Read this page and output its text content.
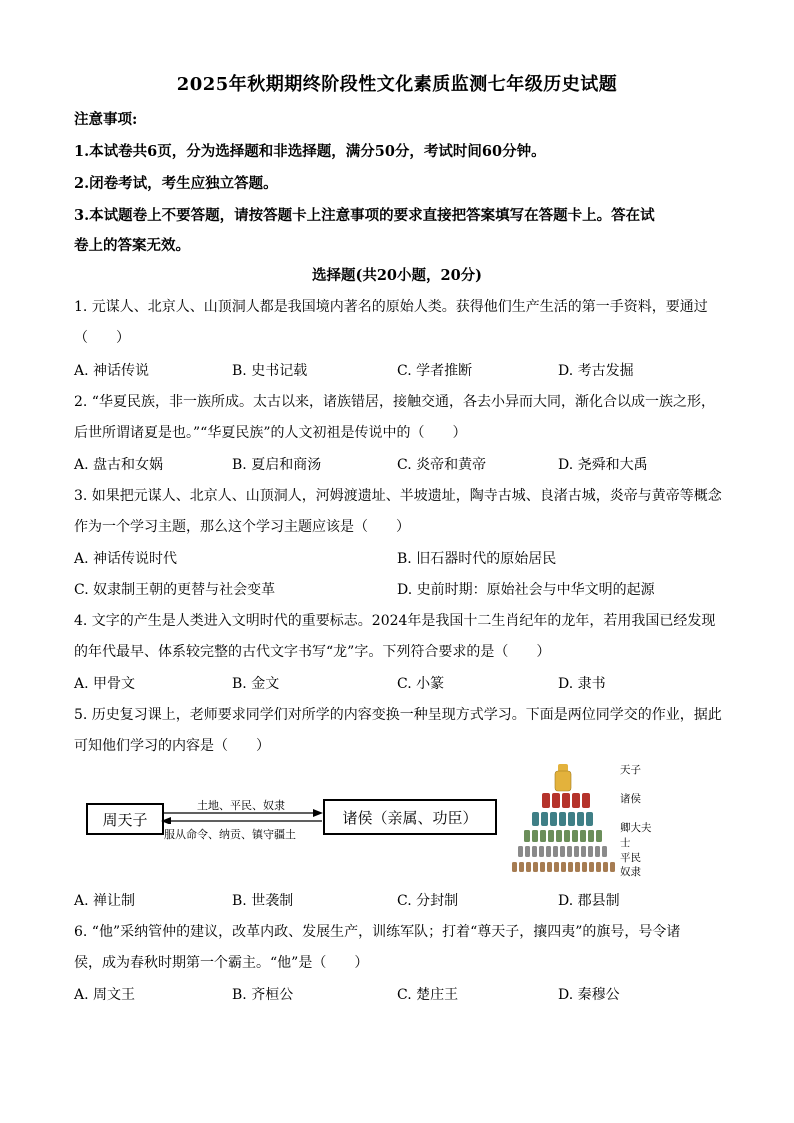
2025年秋期期终阶段性文化素质监测七年级历史试题
注意事项:
1.本试卷共6页，分为选择题和非选择题，满分50分，考试时间60分钟。
2.闭卷考试，考生应独立答题。
3.本试题卷上不要答题，请按答题卡上注意事项的要求直接把答案填写在答题卡上。答在试
卷上的答案无效。
选择题(共20小题，20分)
1. 元谋人、北京人、山顶洞人都是我国境内著名的原始人类。获得他们生产生活的第一手资料，要通过
（　　）
A. 神话传说	B. 史书记载	C. 学者推断	D. 考古发掘
2. “华夏民族，非一族所成。太古以来，诸族错居，接触交通，各去小异而大同，渐化合以成一族之形，
后世所谓诸夏是也。”“华夏民族”的人文初祖是传说中的（　　）
A. 盘古和女娲	B. 夏启和商汤	C. 炎帝和黄帝	D. 尧舜和大禹
3. 如果把元谋人、北京人、山顶洞人，河姆渡遗址、半坡遗址，陶寺古城、良渚古城，炎帝与黄帝等概念
作为一个学习主题，那么这个学习主题应该是（　　）
A. 神话传说时代	B. 旧石器时代的原始居民
C. 奴隶制王朝的更替与社会变革	D. 史前时期：原始社会与中华文明的起源
4. 文字的产生是人类进入文明时代的重要标志。2024年是我国十二生肖纪年的龙年，若用我国已经发现
的年代最早、体系较完整的古代文字书写“龙”字。下列符合要求的是（　　）
A. 甲骨文	B. 金文	C. 小篆	D. 隶书
5. 历史复习课上，老师要求同学们对所学的内容变换一种呈现方式学习。下面是两位同学交的作业，据此
可知他们学习的内容是（　　）
周天子	诸侯（亲属、功臣）
土地、平民、奴隶
服从命令、纳贡、镇守疆土
天子
诸侯
卿大夫
士
平民
奴隶
A. 禅让制	B. 世袭制	C. 分封制	D. 郡县制
6. “他”采纳管仲的建议，改革内政、发展生产，训练军队；打着“尊天子，攘四夷”的旗号，号令诸
侯，成为春秋时期第一个霸主。“他”是（　　）
A. 周文王	B. 齐桓公	C. 楚庄王	D. 秦穆公
